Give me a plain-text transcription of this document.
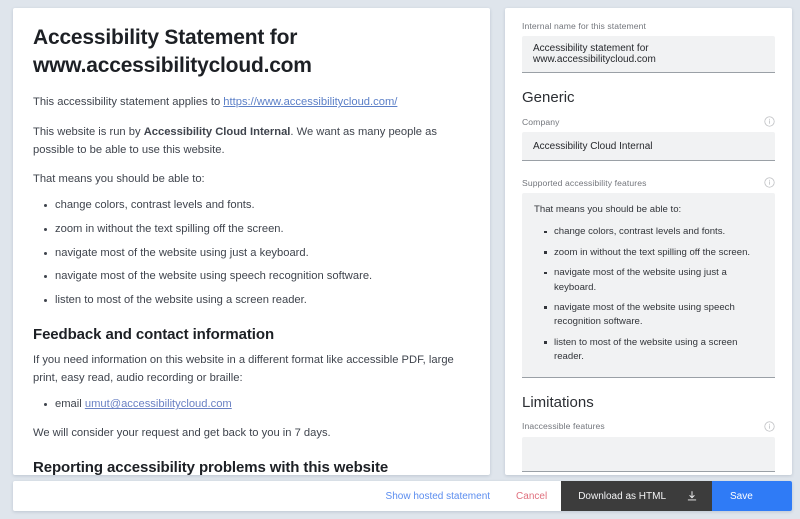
Accessibility Statement for www.accessibilitycloud.com

This accessibility statement applies to https://www.accessibilitycloud.com/

This website is run by Accessibility Cloud Internal. We want as many people as possible to be able to use this website.

That means you should be able to:

change colors, contrast levels and fonts.
zoom in without the text spilling off the screen.
navigate most of the website using just a keyboard.
navigate most of the website using speech recognition software.
listen to most of the website using a screen reader.
Feedback and contact information

If you need information on this website in a different format like accessible PDF, large print, easy read, audio recording or braille:

email umut@accessibilitycloud.com

We will consider your request and get back to you in 7 days.

Reporting accessibility problems with this website

Internal name for this statement
Accessibility statement for www.accessibilitycloud.com
Generic
Company
Accessibility Cloud Internal
Supported accessibility features
That means you should be able to:
change colors, contrast levels and fonts.
zoom in without the text spilling off the screen.
navigate most of the website using just a keyboard.
navigate most of the website using speech recognition software.
listen to most of the website using a screen reader.
Limitations
Inaccessible features
Show hosted statement	Cancel	Download as HTML	Save
